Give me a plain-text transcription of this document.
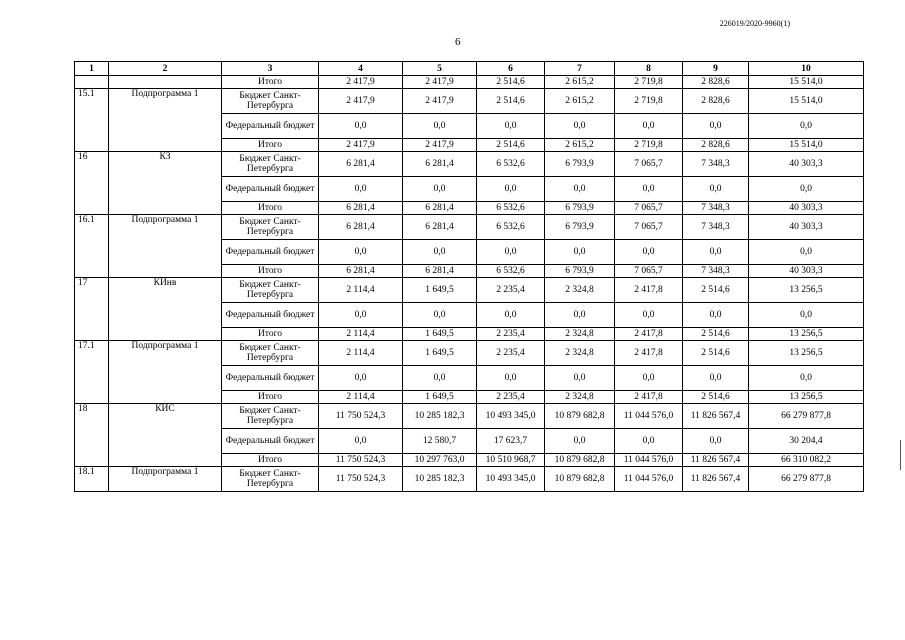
226019/2020-9960(1)
6
1	2	3	4	5	6	7	8	9	10
		Итого	2 417,9	2 417,9	2 514,6	2 615,2	2 719,8	2 828,6	15 514,0
15.1	Подпрограмма 1	Бюджет Санкт-Петербурга	2 417,9	2 417,9	2 514,6	2 615,2	2 719,8	2 828,6	15 514,0
		Федеральный бюджет	0,0	0,0	0,0	0,0	0,0	0,0	0,0
		Итого	2 417,9	2 417,9	2 514,6	2 615,2	2 719,8	2 828,6	15 514,0
16	КЗ	Бюджет Санкт-Петербурга	6 281,4	6 281,4	6 532,6	6 793,9	7 065,7	7 348,3	40 303,3
		Федеральный бюджет	0,0	0,0	0,0	0,0	0,0	0,0	0,0
		Итого	6 281,4	6 281,4	6 532,6	6 793,9	7 065,7	7 348,3	40 303,3
16.1	Подпрограмма 1	Бюджет Санкт-Петербурга	6 281,4	6 281,4	6 532,6	6 793,9	7 065,7	7 348,3	40 303,3
		Федеральный бюджет	0,0	0,0	0,0	0,0	0,0	0,0	0,0
		Итого	6 281,4	6 281,4	6 532,6	6 793,9	7 065,7	7 348,3	40 303,3
17	КИнв	Бюджет Санкт-Петербурга	2 114,4	1 649,5	2 235,4	2 324,8	2 417,8	2 514,6	13 256,5
		Федеральный бюджет	0,0	0,0	0,0	0,0	0,0	0,0	0,0
		Итого	2 114,4	1 649,5	2 235,4	2 324,8	2 417,8	2 514,6	13 256,5
17.1	Подпрограмма 1	Бюджет Санкт-Петербурга	2 114,4	1 649,5	2 235,4	2 324,8	2 417,8	2 514,6	13 256,5
		Федеральный бюджет	0,0	0,0	0,0	0,0	0,0	0,0	0,0
		Итого	2 114,4	1 649,5	2 235,4	2 324,8	2 417,8	2 514,6	13 256,5
18	КИС	Бюджет Санкт-Петербурга	11 750 524,3	10 285 182,3	10 493 345,0	10 879 682,8	11 044 576,0	11 826 567,4	66 279 877,8
		Федеральный бюджет	0,0	12 580,7	17 623,7	0,0	0,0	0,0	30 204,4
		Итого	11 750 524,3	10 297 763,0	10 510 968,7	10 879 682,8	11 044 576,0	11 826 567,4	66 310 082,2
18.1	Подпрограмма 1	Бюджет Санкт-Петербурга	11 750 524,3	10 285 182,3	10 493 345,0	10 879 682,8	11 044 576,0	11 826 567,4	66 279 877,8
